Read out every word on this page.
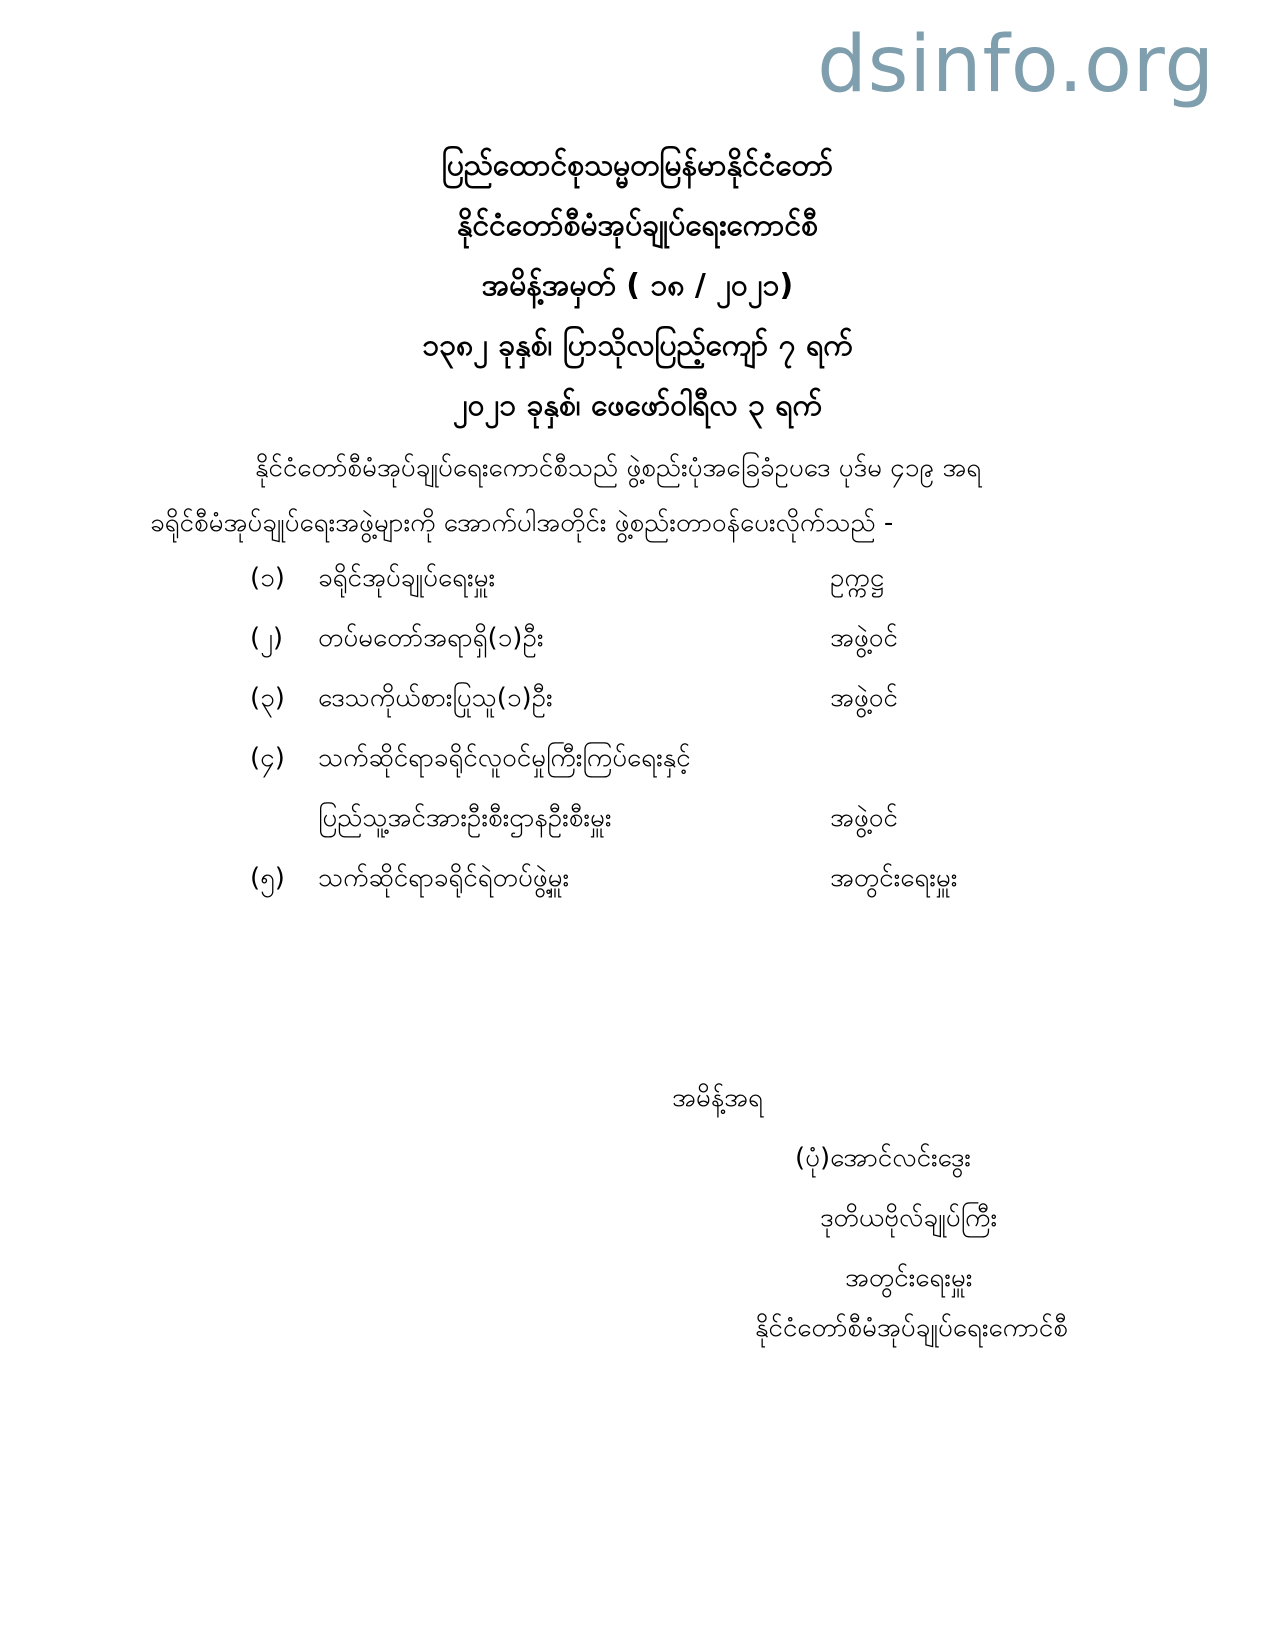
dsinfo.org
ပြည်ထောင်စုသမ္မတမြန်မာနိုင်ငံတော်
နိုင်ငံတော်စီမံအုပ်ချုပ်ရေးကောင်စီ
အမိန့်အမှတ် ( ၁၈ / ၂၀၂၁)
၁၃၈၂ ခုနှစ်၊ ပြာသိုလပြည့်ကျော် ၇ ရက်
၂၀၂၁ ခုနှစ်၊ ဖေဖော်ဝါရီလ ၃ ရက်
နိုင်ငံတော်စီမံအုပ်ချုပ်ရေးကောင်စီသည် ဖွဲ့စည်းပုံအခြေခံဥပဒေ ပုဒ်မ ၄၁၉ အရ
ခရိုင်စီမံအုပ်ချုပ်ရေးအဖွဲ့များကို အောက်ပါအတိုင်း ဖွဲ့စည်းတာဝန်ပေးလိုက်သည် -
(၁) ခရိုင်အုပ်ချုပ်ရေးမှူး	ဥက္ကဋ္ဌ
(၂) တပ်မတော်အရာရှိ(၁)ဦး	အဖွဲ့ဝင်
(၃) ဒေသကိုယ်စားပြုသူ(၁)ဦး	အဖွဲ့ဝင်
(၄) သက်ဆိုင်ရာခရိုင်လူဝင်မှုကြီးကြပ်ရေးနှင့်
ပြည်သူ့အင်အားဦးစီးဌာနဦးစီးမှူး	အဖွဲ့ဝင်
(၅) သက်ဆိုင်ရာခရိုင်ရဲတပ်ဖွဲ့မှူး	အတွင်းရေးမှူး
အမိန့်အရ
(ပုံ)အောင်လင်းဒွေး
ဒုတိယဗိုလ်ချုပ်ကြီး
အတွင်းရေးမှူး
နိုင်ငံတော်စီမံအုပ်ချုပ်ရေးကောင်စီ
